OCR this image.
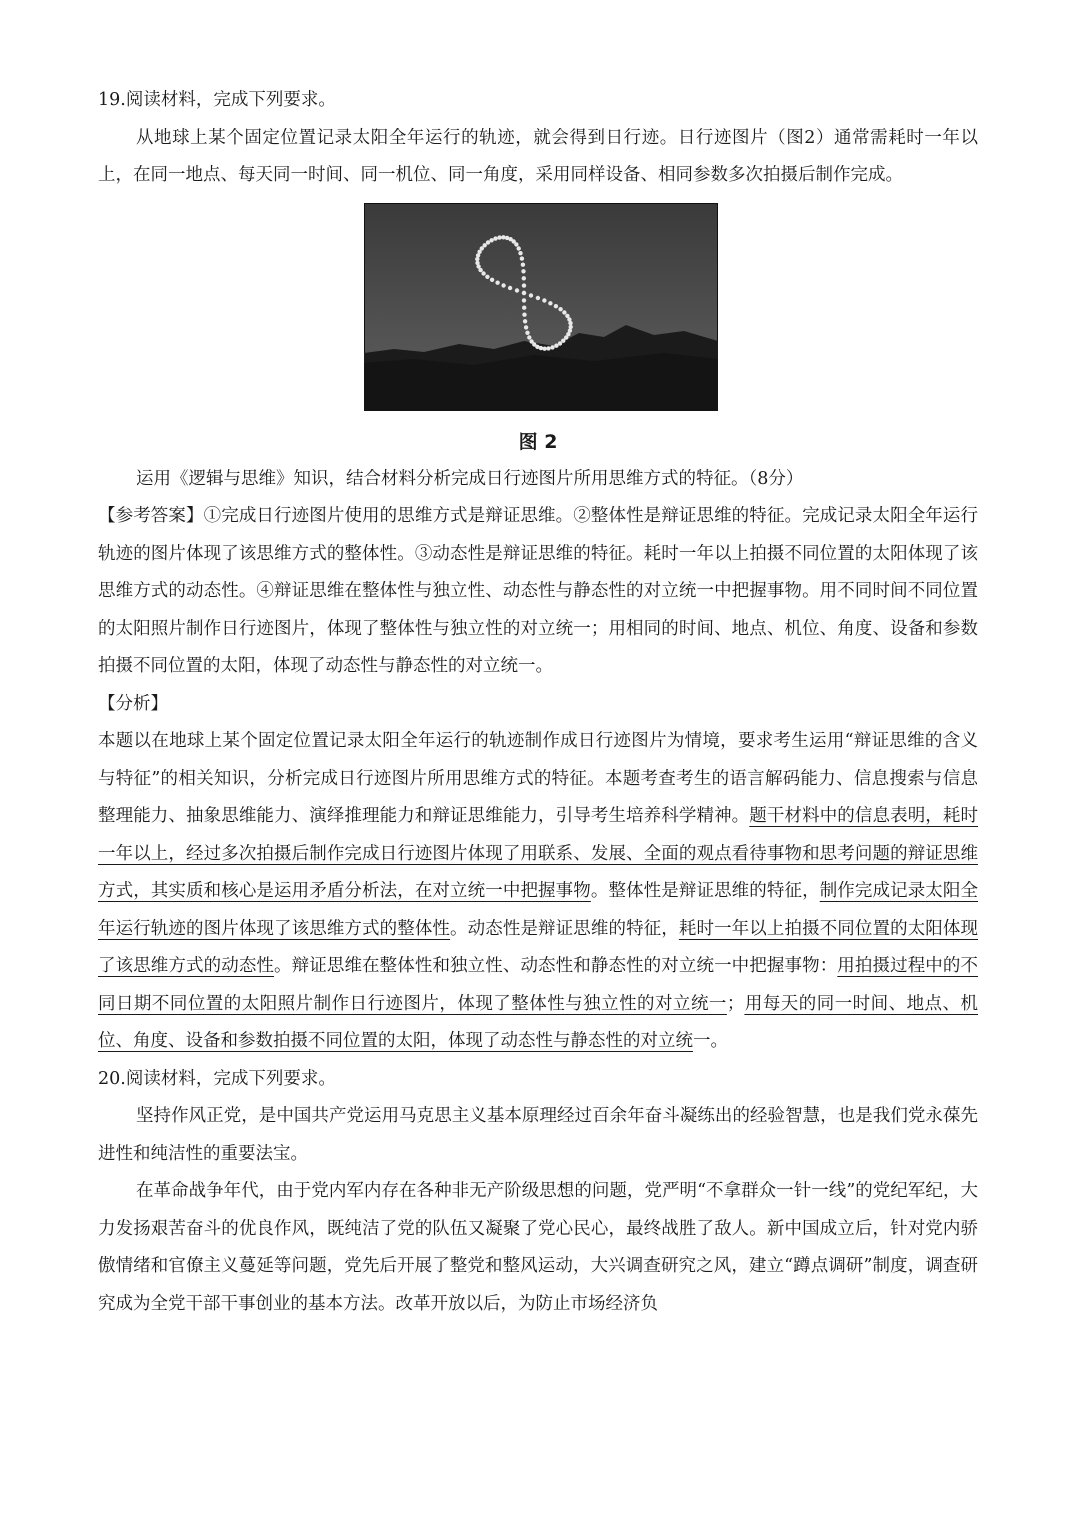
19.阅读材料，完成下列要求。

从地球上某个固定位置记录太阳全年运行的轨迹，就会得到日行迹。日行迹图片（图2）通常需耗时一年以上，在同一地点、每天同一时间、同一机位、同一角度，采用同样设备、相同参数多次拍摄后制作完成。

图 2

运用《逻辑与思维》知识，结合材料分析完成日行迹图片所用思维方式的特征。（8分）

【参考答案】①完成日行迹图片使用的思维方式是辩证思维。②整体性是辩证思维的特征。完成记录太阳全年运行轨迹的图片体现了该思维方式的整体性。③动态性是辩证思维的特征。耗时一年以上拍摄不同位置的太阳体现了该思维方式的动态性。④辩证思维在整体性与独立性、动态性与静态性的对立统一中把握事物。用不同时间不同位置的太阳照片制作日行迹图片，体现了整体性与独立性的对立统一；用相同的时间、地点、机位、角度、设备和参数拍摄不同位置的太阳，体现了动态性与静态性的对立统一。

【分析】

本题以在地球上某个固定位置记录太阳全年运行的轨迹制作成日行迹图片为情境，要求考生运用“辩证思维的含义与特征”的相关知识，分析完成日行迹图片所用思维方式的特征。本题考查考生的语言解码能力、信息搜索与信息整理能力、抽象思维能力、演绎推理能力和辩证思维能力，引导考生培养科学精神。题干材料中的信息表明，耗时一年以上，经过多次拍摄后制作完成日行迹图片体现了用联系、发展、全面的观点看待事物和思考问题的辩证思维方式，其实质和核心是运用矛盾分析法，在对立统一中把握事物。整体性是辩证思维的特征，制作完成记录太阳全年运行轨迹的图片体现了该思维方式的整体性。动态性是辩证思维的特征，耗时一年以上拍摄不同位置的太阳体现了该思维方式的动态性。辩证思维在整体性和独立性、动态性和静态性的对立统一中把握事物：用拍摄过程中的不同日期不同位置的太阳照片制作日行迹图片，体现了整体性与独立性的对立统一；用每天的同一时间、地点、机位、角度、设备和参数拍摄不同位置的太阳，体现了动态性与静态性的对立统一。

20.阅读材料，完成下列要求。

坚持作风正党，是中国共产党运用马克思主义基本原理经过百余年奋斗凝练出的经验智慧，也是我们党永葆先进性和纯洁性的重要法宝。

在革命战争年代，由于党内军内存在各种非无产阶级思想的问题，党严明“不拿群众一针一线”的党纪军纪，大力发扬艰苦奋斗的优良作风，既纯洁了党的队伍又凝聚了党心民心，最终战胜了敌人。新中国成立后，针对党内骄傲情绪和官僚主义蔓延等问题，党先后开展了整党和整风运动，大兴调查研究之风，建立“蹲点调研”制度，调查研究成为全党干部干事创业的基本方法。改革开放以后，为防止市场经济负
